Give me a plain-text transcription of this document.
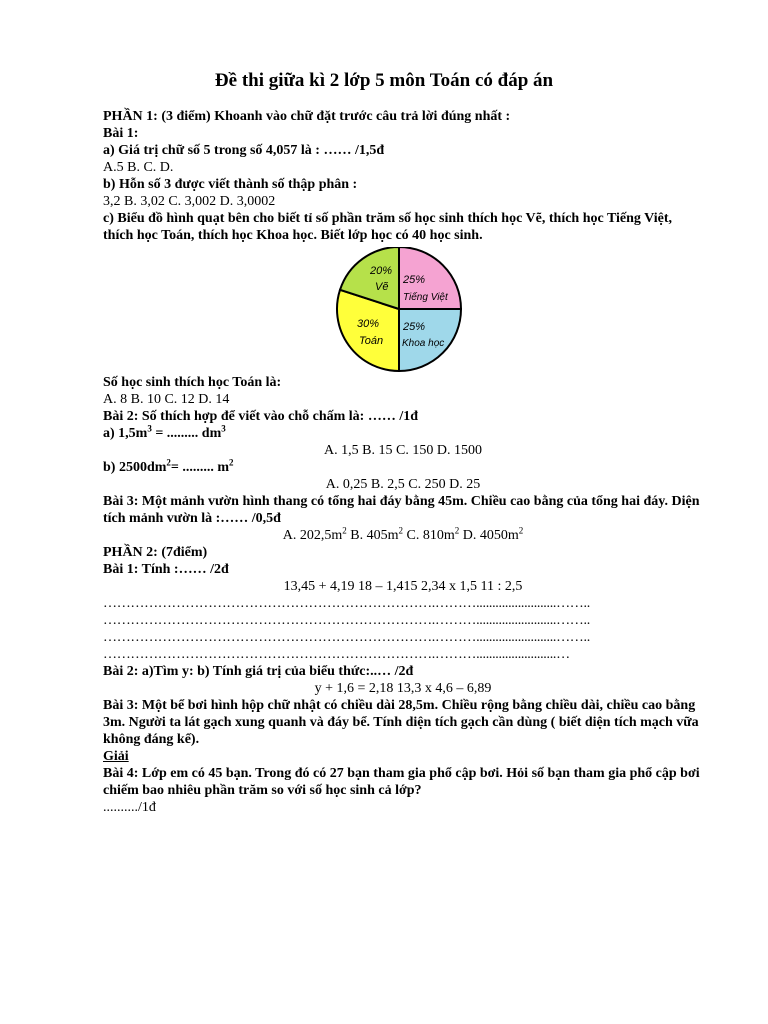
Đề thi giữa kì 2 lớp 5 môn Toán có đáp án
PHẦN 1: (3 điểm) Khoanh vào chữ đặt trước câu trả lời đúng nhất :
Bài 1:
a) Giá trị chữ số 5 trong số 4,057 là : …… /1,5đ
A.5 B. C. D.
b) Hỗn số 3 được viết thành số thập phân :
3,2 B. 3,02 C. 3,002 D. 3,0002
c) Biểu đồ hình quạt bên cho biết tỉ số phần trăm số học sinh thích học Vẽ, thích học Tiếng Việt, thích học Toán, thích học Khoa học. Biết lớp học có 40 học sinh.
25%
Tiếng Việt
25%
Khoa học
30%
Toán
20%
Vẽ
Số học sinh thích học Toán là:
A. 8 B. 10 C. 12 D. 14
Bài 2: Số thích hợp để viết vào chỗ chấm là: …… /1đ
a) $1,5m^3$ = ......... $dm^3$
A. 1,5 B. 15 C. 150 D. 1500
b) $2500dm^2=$ ......... $m^2$
A. 0,25 B. 2,5 C. 250 D. 25
Bài 3: Một mảnh vườn hình thang có tổng hai đáy bằng 45m. Chiều cao bằng của tổng hai đáy. Diện tích mảnh vườn là :…… /0,5đ
A. $202,5m^2$ B. $405m^2$ C. $810m^2$ D. $4050m^2$
PHẦN 2: (7điểm)
Bài 1: Tính :…… /2đ
13,45 + 4,19 18 – 1,415 2,34 x 1,5 11 : 2,5
……………………………………………………………….……….........................……..
……………………………………………………………….……….........................……..
……………………………………………………………….……….........................……..
……………………………………………………………….……….........................…
Bài 2: a)Tìm y: b) Tính giá trị của biểu thức:..… /2đ
y + 1,6 = 2,18 13,3 x 4,6 – 6,89
Bài 3: Một bể bơi hình hộp chữ nhật có chiều dài 28,5m. Chiều rộng bằng chiều dài, chiều cao bằng 3m. Người ta lát gạch xung quanh và đáy bể. Tính diện tích gạch cần dùng ( biết diện tích mạch vữa không đáng kể).
Giải
Bài 4: Lớp em có 45 bạn. Trong đó có 27 bạn tham gia phổ cập bơi. Hỏi số bạn tham gia phổ cập bơi chiếm bao nhiêu phần trăm so với số học sinh cả lớp?
........../1đ
